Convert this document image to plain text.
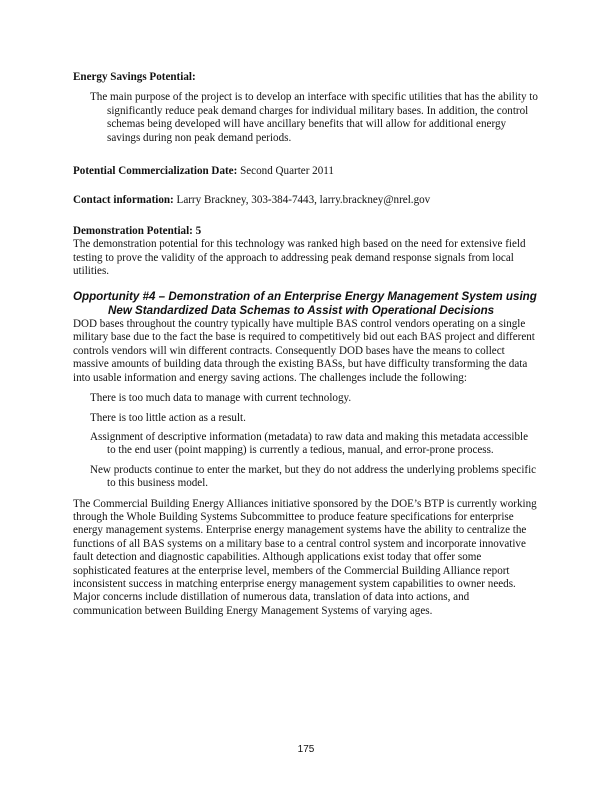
Energy Savings Potential:

The main purpose of the project is to develop an interface with specific utilities that has the ability to significantly reduce peak demand charges for individual military bases. In addition, the control schemas being developed will have ancillary benefits that will allow for additional energy savings during non peak demand periods.

Potential Commercialization Date: Second Quarter 2011

Contact information: Larry Brackney, 303-384-7443, larry.brackney@nrel.gov

Demonstration Potential: 5

The demonstration potential for this technology was ranked high based on the need for extensive field testing to prove the validity of the approach to addressing peak demand response signals from local utilities.

Opportunity #4 – Demonstration of an Enterprise Energy Management System using New Standardized Data Schemas to Assist with Operational Decisions

DOD bases throughout the country typically have multiple BAS control vendors operating on a single military base due to the fact the base is required to competitively bid out each BAS project and different controls vendors will win different contracts. Consequently DOD bases have the means to collect massive amounts of building data through the existing BASs, but have difficulty transforming the data into usable information and energy saving actions. The challenges include the following:

There is too much data to manage with current technology.

There is too little action as a result.

Assignment of descriptive information (metadata) to raw data and making this metadata accessible to the end user (point mapping) is currently a tedious, manual, and error-prone process.

New products continue to enter the market, but they do not address the underlying problems specific to this business model.

The Commercial Building Energy Alliances initiative sponsored by the DOE’s BTP is currently working through the Whole Building Systems Subcommittee to produce feature specifications for enterprise energy management systems. Enterprise energy management systems have the ability to centralize the functions of all BAS systems on a military base to a central control system and incorporate innovative fault detection and diagnostic capabilities. Although applications exist today that offer some sophisticated features at the enterprise level, members of the Commercial Building Alliance report inconsistent success in matching enterprise energy management system capabilities to owner needs. Major concerns include distillation of numerous data, translation of data into actions, and communication between Building Energy Management Systems of varying ages.

175
